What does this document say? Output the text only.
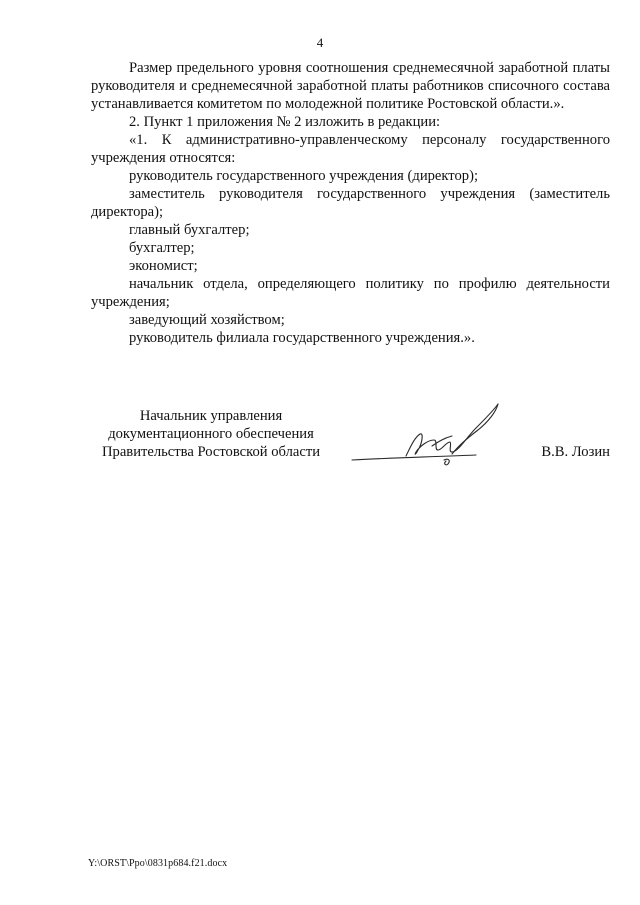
4

Размер предельного уровня соотношения среднемесячной заработной платы руководителя и среднемесячной заработной платы работников списочного состава устанавливается комитетом по молодежной политике Ростовской области.».

2. Пункт 1 приложения № 2 изложить в редакции:

«1. К административно-управленческому персоналу государственного учреждения относятся:

руководитель государственного учреждения (директор);

заместитель руководителя государственного учреждения (заместитель директора);

главный бухгалтер;

бухгалтер;

экономист;

начальник отдела, определяющего политику по профилю деятельности учреждения;

заведующий хозяйством;

руководитель филиала государственного учреждения.».

Начальник управления
документационного обеспечения
Правительства Ростовской области	В.В. Лозин
Y:\ORST\Ppo\0831p684.f21.docx
